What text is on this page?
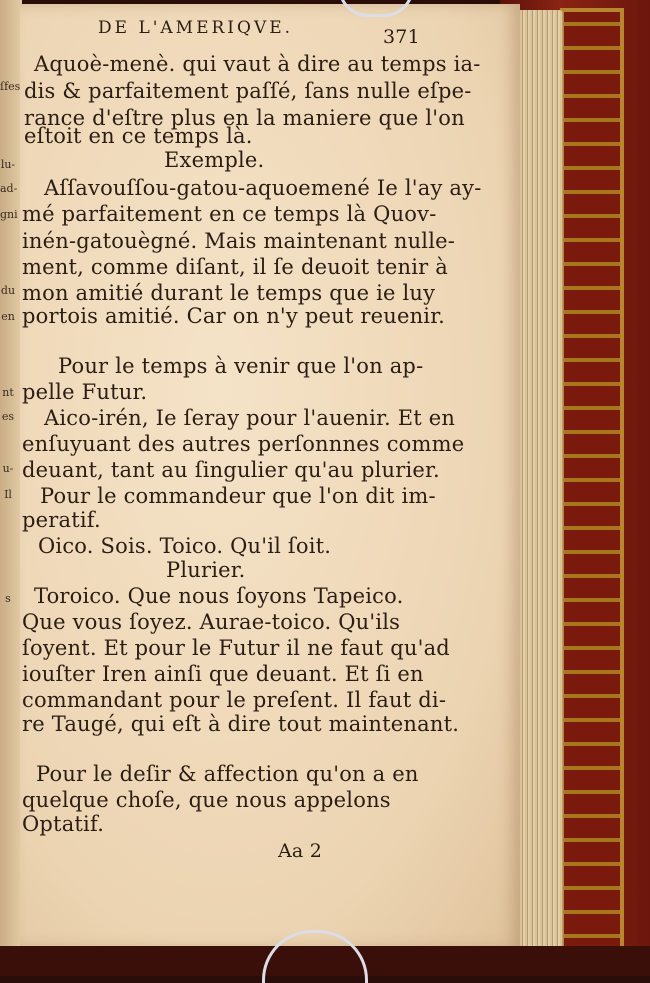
ſfes
lu-
ad-
gni
du
en
nt
es
u-
Il
s
DE L'AMERIQVE.	371
Aquoè-menè. qui vaut à dire au temps ia-
dis & parfaitement paſſé, ſans nulle eſpe-
rance d'eſtre plus en la maniere que l'on
eſtoit en ce temps là.
Exemple.
Aſſavouſſou-gatou-aquoemené Ie l'ay ay-
mé parfaitement en ce temps là Quov-
inén-gatouègné. Mais maintenant nulle-
ment, comme diſant, il ſe deuoit tenir à
mon amitié durant le temps que ie luy
portois amitié. Car on n'y peut reuenir.
Pour le temps à venir que l'on ap-
pelle Futur.
Aico-irén, Ie ſeray pour l'auenir. Et en
enſuyuant des autres perſonnnes comme
deuant, tant au ſingulier qu'au plurier.
Pour le commandeur que l'on dit im-
peratif.
Oico. Sois. Toico. Qu'il ſoit.
Plurier.
Toroico. Que nous ſoyons Tapeico.
Que vous ſoyez. Aurae-toico. Qu'ils
ſoyent. Et pour le Futur il ne faut qu'ad
iouſter Iren ainſi que deuant. Et ſi en
commandant pour le preſent. Il faut di-
re Taugé, qui eſt à dire tout maintenant.
Pour le deſir & affection qu'on a en
quelque choſe, que nous appelons
Optatif.
Aa 2
